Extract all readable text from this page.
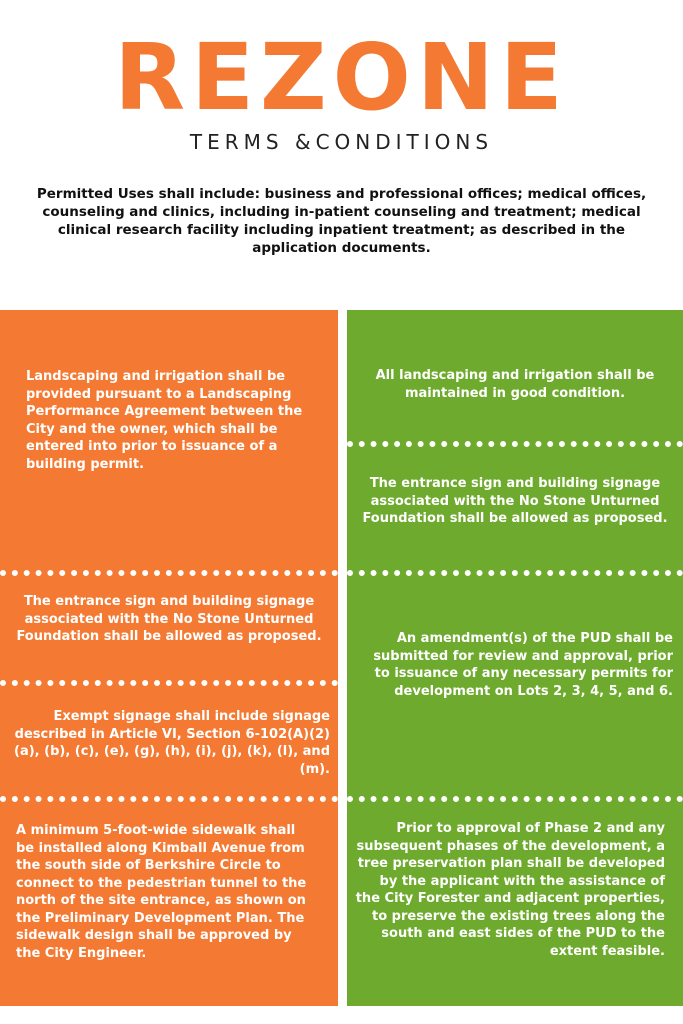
REZONE
TERMS &CONDITIONS
Permitted Uses shall include: business and professional offices; medical offices, counseling and clinics, including in-patient counseling and treatment; medical clinical research facility including inpatient treatment; as described in the application documents.
Landscaping and irrigation shall be provided pursuant to a Landscaping Performance Agreement between the City and the owner, which shall be entered into prior to issuance of a building permit.
The entrance sign and building signage associated with the No Stone Unturned Foundation shall be allowed as proposed.
Exempt signage shall include signage described in Article VI, Section 6-102(A)(2)(a), (b), (c), (e), (g), (h), (i), (j), (k), (l), and (m).
A minimum 5-foot-wide sidewalk shall be installed along Kimball Avenue from the south side of Berkshire Circle to connect to the pedestrian tunnel to the north of the site entrance, as shown on the Preliminary Development Plan. The sidewalk design shall be approved by the City Engineer.
All landscaping and irrigation shall be maintained in good condition.
The entrance sign and building signage associated with the No Stone Unturned Foundation shall be allowed as proposed.
An amendment(s) of the PUD shall be submitted for review and approval, prior to issuance of any necessary permits for development on Lots 2, 3, 4, 5, and 6.
Prior to approval of Phase 2 and any subsequent phases of the development, a tree preservation plan shall be developed by the applicant with the assistance of the City Forester and adjacent properties, to preserve the existing trees along the south and east sides of the PUD to the extent feasible.
